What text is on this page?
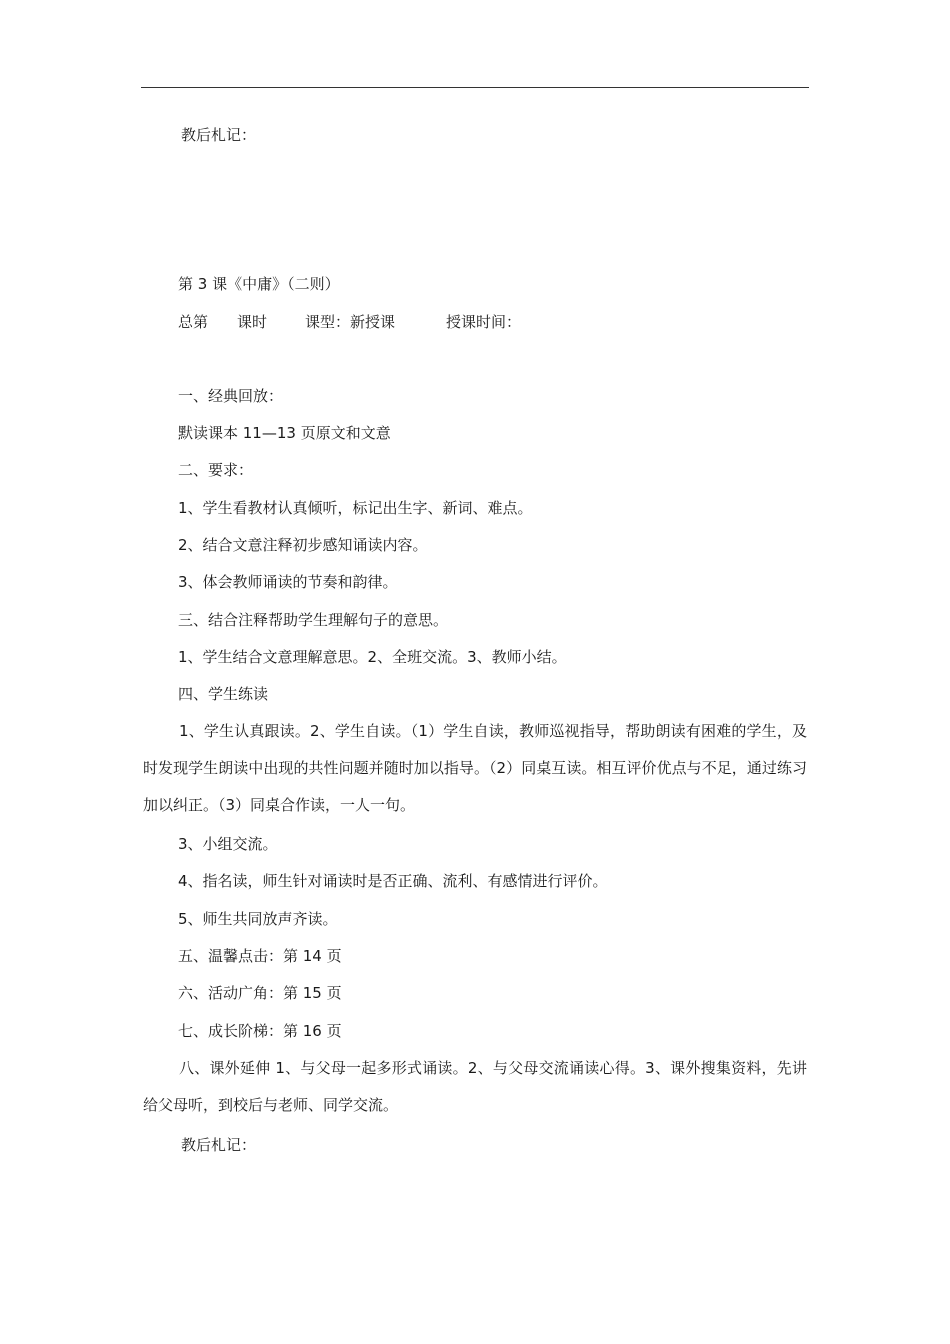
教后札记：
第 3 课《中庸》（二则）
总第 课时	课型：新授课	授课时间：
一、经典回放：
默读课本 11—13 页原文和文意
二、要求：
1、学生看教材认真倾听，标记出生字、新词、难点。
2、结合文意注释初步感知诵读内容。
3、体会教师诵读的节奏和韵律。
三、结合注释帮助学生理解句子的意思。
1、学生结合文意理解意思。2、全班交流。3、教师小结。
四、学生练读
1、学生认真跟读。2、学生自读。（1）学生自读，教师巡视指导，帮助朗读有困难的学生，及时发现学生朗读中出现的共性问题并随时加以指导。（2）同桌互读。相互评价优点与不足，通过练习加以纠正。（3）同桌合作读，一人一句。
3、小组交流。
4、指名读，师生针对诵读时是否正确、流利、有感情进行评价。
5、师生共同放声齐读。
五、温馨点击：第 14 页
六、活动广角：第 15 页
七、成长阶梯：第 16 页
八、课外延伸 1、与父母一起多形式诵读。2、与父母交流诵读心得。3、课外搜集资料，先讲给父母听，到校后与老师、同学交流。
教后札记：
